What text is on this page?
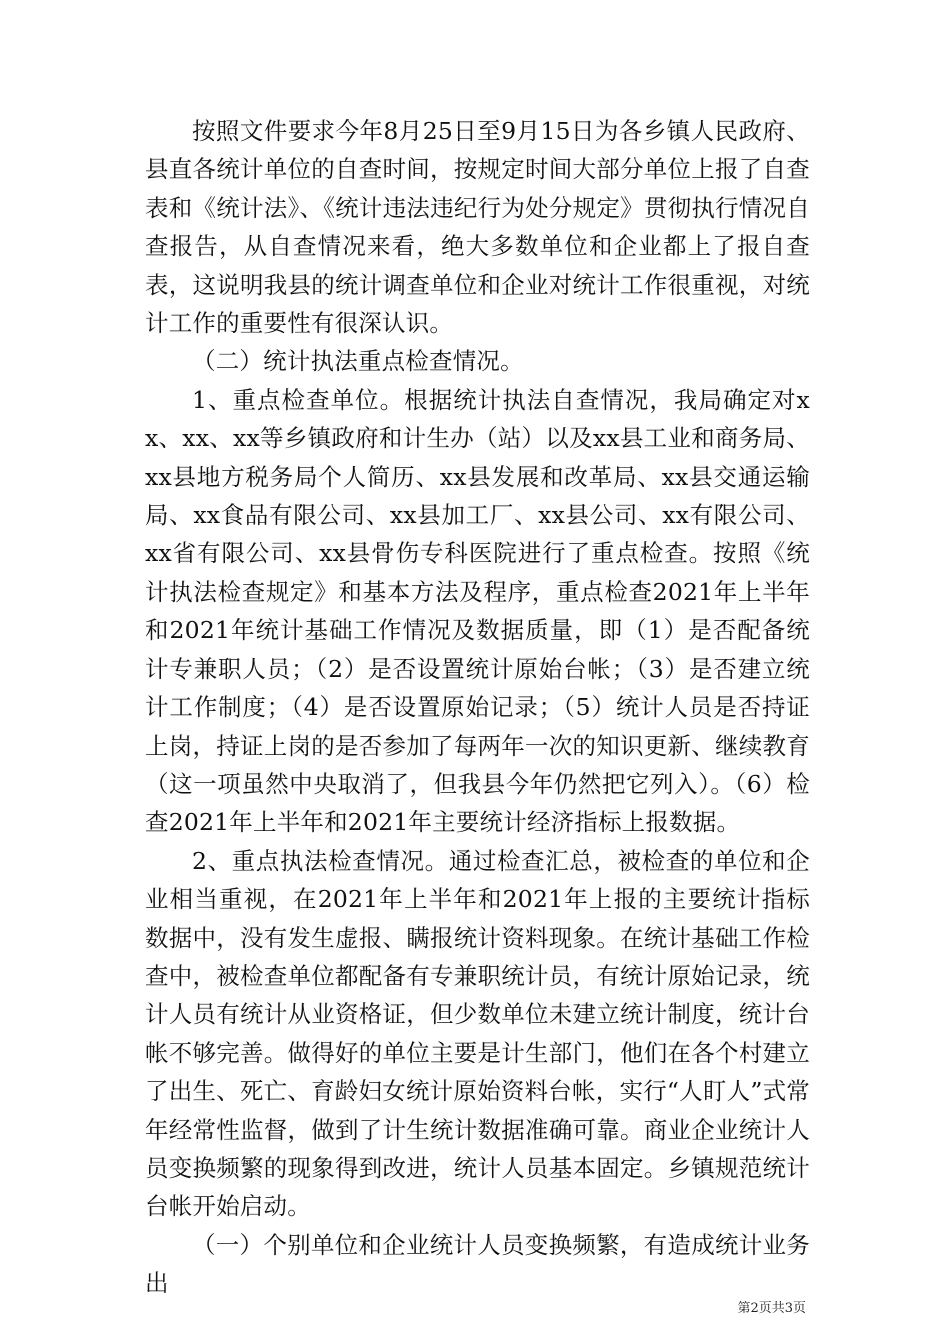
按照文件要求今年8月25日至9月15日为各乡镇人民政府、县直各统计单位的自查时间，按规定时间大部分单位上报了自查表和《统计法》、《统计违法违纪行为处分规定》贯彻执行情况自查报告，从自查情况来看，绝大多数单位和企业都上了报自查表，这说明我县的统计调查单位和企业对统计工作很重视，对统计工作的重要性有很深认识。

（二）统计执法重点检查情况。

1、重点检查单位。根据统计执法自查情况，我局确定对xx、xx、xx等乡镇政府和计生办（站）以及xx县工业和商务局、xx县地方税务局个人简历、xx县发展和改革局、xx县交通运输局、xx食品有限公司、xx县加工厂、xx县公司、xx有限公司、xx省有限公司、xx县骨伤专科医院进行了重点检查。按照《统计执法检查规定》和基本方法及程序，重点检查2021年上半年和2021年统计基础工作情况及数据质量，即（1）是否配备统计专兼职人员；（2）是否设置统计原始台帐；（3）是否建立统计工作制度；（4）是否设置原始记录；（5）统计人员是否持证上岗，持证上岗的是否参加了每两年一次的知识更新、继续教育（这一项虽然中央取消了，但我县今年仍然把它列入）。（6）检查2021年上半年和2021年主要统计经济指标上报数据。

2、重点执法检查情况。通过检查汇总，被检查的单位和企业相当重视，在2021年上半年和2021年上报的主要统计指标数据中，没有发生虚报、瞒报统计资料现象。在统计基础工作检查中，被检查单位都配备有专兼职统计员，有统计原始记录，统计人员有统计从业资格证，但少数单位未建立统计制度，统计台帐不够完善。做得好的单位主要是计生部门，他们在各个村建立了出生、死亡、育龄妇女统计原始资料台帐，实行“人盯人”式常年经常性监督，做到了计生统计数据准确可靠。商业企业统计人员变换频繁的现象得到改进，统计人员基本固定。乡镇规范统计台帐开始启动。

（一）个别单位和企业统计人员变换频繁，有造成统计业务出

第2页共3页
